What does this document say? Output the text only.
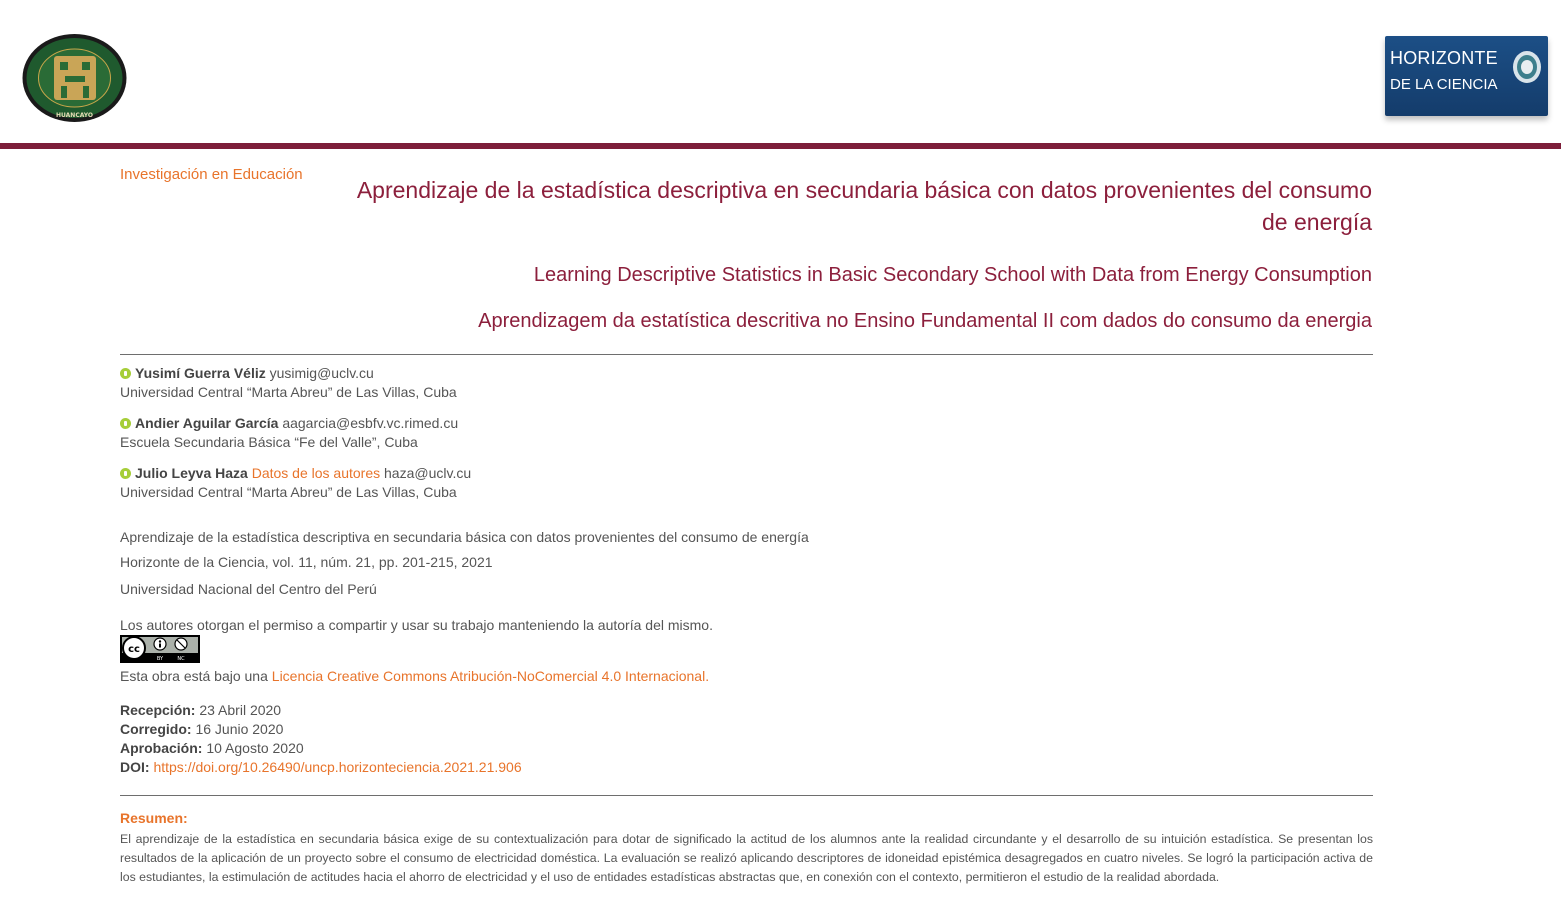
HUANCAYO
HORIZONTE
DE LA CIENCIA
Investigación en Educación
Aprendizaje de la estadística descriptiva en secundaria básica con datos provenientes del consumo de energía
Learning Descriptive Statistics in Basic Secondary School with Data from Energy Consumption
Aprendizagem da estatística descritiva no Ensino Fundamental II com dados do consumo da energia
Yusimí Guerra Véliz yusimig@uclv.cu
Universidad Central “Marta Abreu” de Las Villas, Cuba
Andier Aguilar García aagarcia@esbfv.vc.rimed.cu
Escuela Secundaria Básica “Fe del Valle”, Cuba
Julio Leyva Haza Datos de los autores haza@uclv.cu
Universidad Central “Marta Abreu” de Las Villas, Cuba
Aprendizaje de la estadística descriptiva en secundaria básica con datos provenientes del consumo de energía
Horizonte de la Ciencia, vol. 11, núm. 21, pp. 201-215, 2021
Universidad Nacional del Centro del Perú
Los autores otorgan el permiso a compartir y usar su trabajo manteniendo la autoría del mismo.
cc
BY	NC
Esta obra está bajo una Licencia Creative Commons Atribución-NoComercial 4.0 Internacional.
Recepción: 23 Abril 2020
Corregido: 16 Junio 2020
Aprobación: 10 Agosto 2020
DOI: https://doi.org/10.26490/uncp.horizonteciencia.2021.21.906
Resumen:
El aprendizaje de la estadística en secundaria básica exige de su contextualización para dotar de significado la actitud de los alumnos ante la realidad circundante y el desarrollo de su intuición estadística. Se presentan los resultados de la aplicación de un proyecto sobre el consumo de electricidad doméstica. La evaluación se realizó aplicando descriptores de idoneidad epistémica desagregados en cuatro niveles. Se logró la participación activa de los estudiantes, la estimulación de actitudes hacia el ahorro de electricidad y el uso de entidades estadísticas abstractas que, en conexión con el contexto, permitieron el estudio de la realidad abordada.
